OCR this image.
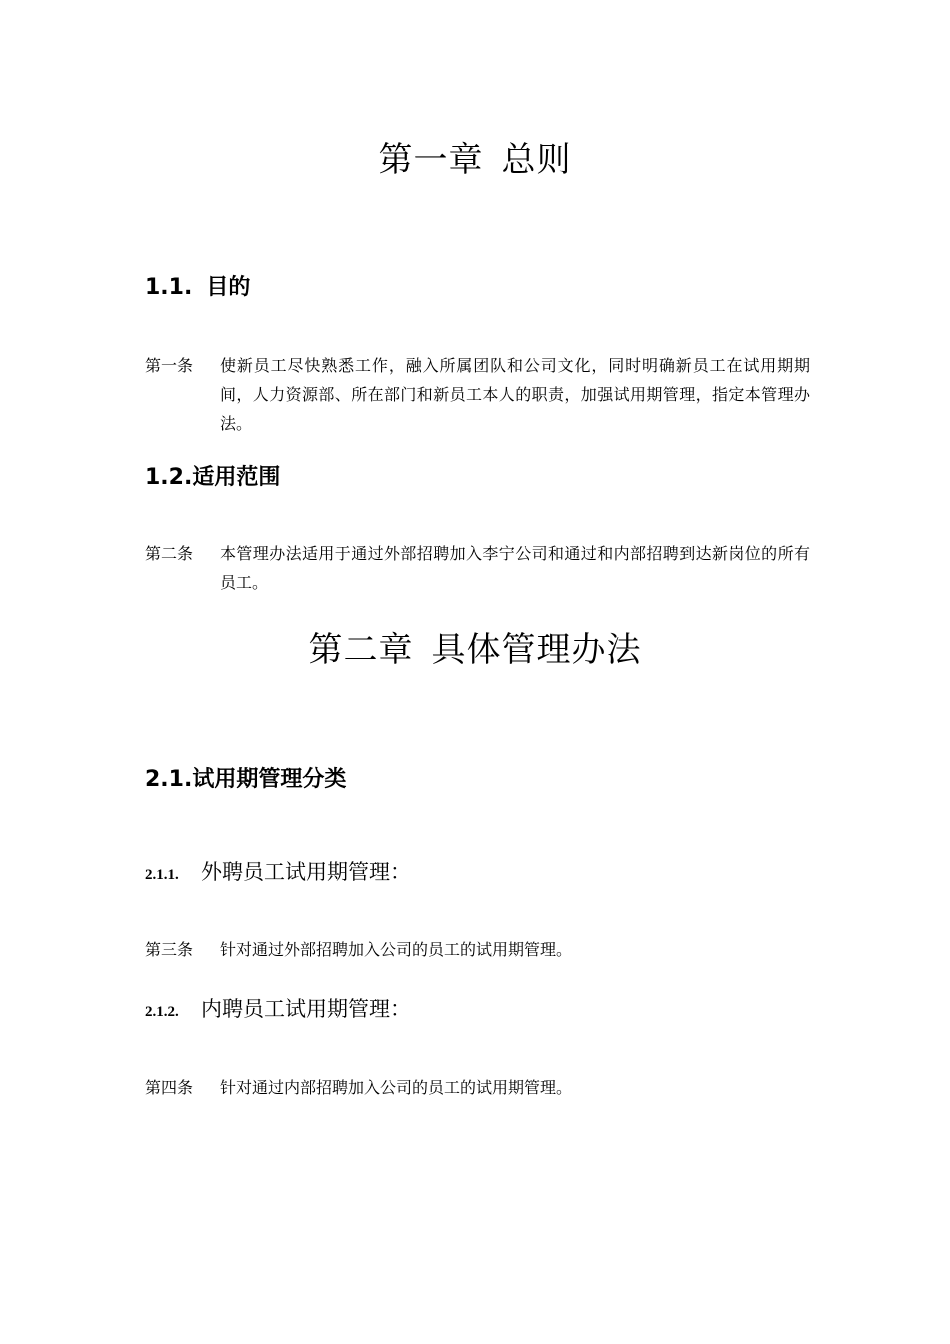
第一章 总则
1.1. 目的
第一条 使新员工尽快熟悉工作，融入所属团队和公司文化，同时明确新员工在试用期期间，人力资源部、所在部门和新员工本人的职责，加强试用期管理，指定本管理办法。
1.2.适用范围
第二条 本管理办法适用于通过外部招聘加入李宁公司和通过和内部招聘到达新岗位的所有员工。
第二章 具体管理办法
2.1.试用期管理分类
2.1.1. 外聘员工试用期管理：
第三条 针对通过外部招聘加入公司的员工的试用期管理。
2.1.2. 内聘员工试用期管理：
第四条 针对通过内部招聘加入公司的员工的试用期管理。
